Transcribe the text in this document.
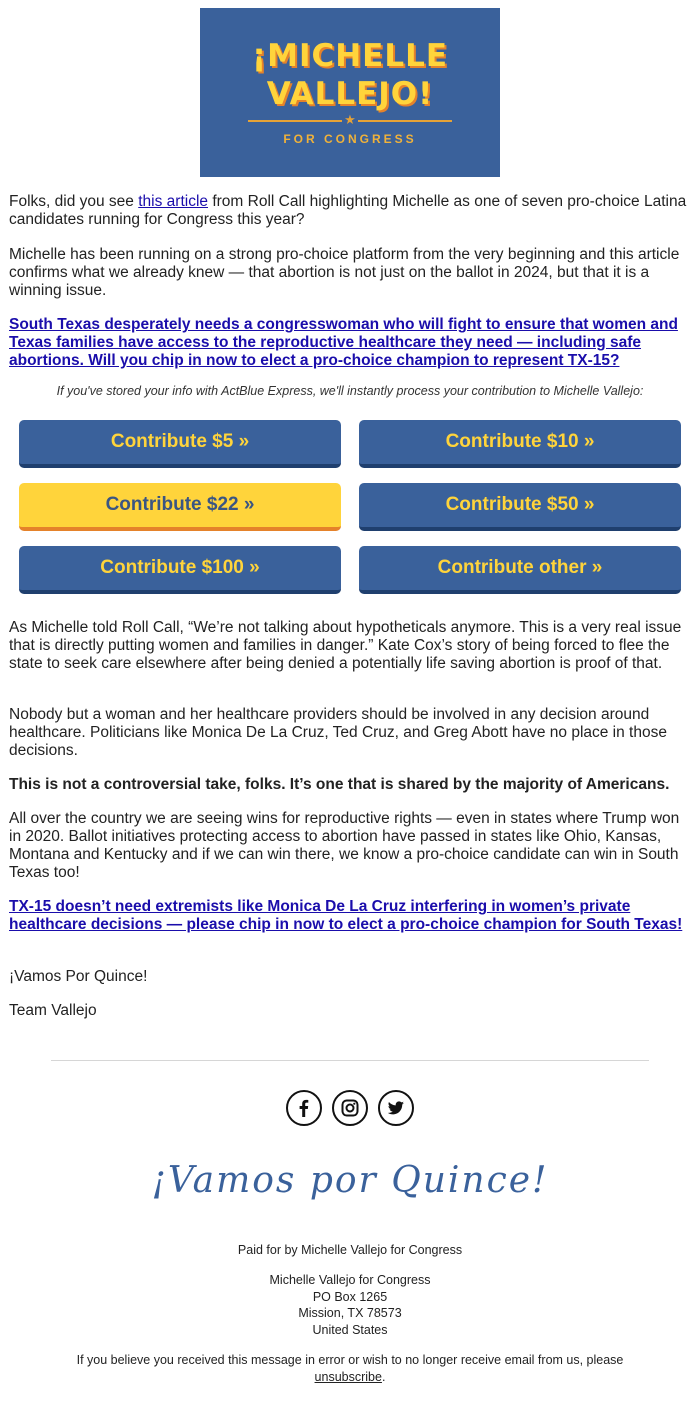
¡MICHELLE
VALLEJO!
★
FOR CONGRESS

Folks, did you see this article from Roll Call highlighting Michelle as one of seven pro-choice Latina candidates running for Congress this year?

Michelle has been running on a strong pro-choice platform from the very beginning and this article confirms what we already knew — that abortion is not just on the ballot in 2024, but that it is a winning issue.

South Texas desperately needs a congresswoman who will fight to ensure that women and Texas families have access to the reproductive healthcare they need — including safe abortions. Will you chip in now to elect a pro-choice champion to represent TX-15?

If you've stored your info with ActBlue Express, we'll instantly process your contribution to Michelle Vallejo:
Contribute $5 »	Contribute $10 »
Contribute $22 »	Contribute $50 »
Contribute $100 »	Contribute other »

As Michelle told Roll Call, “We’re not talking about hypotheticals anymore. This is a very real issue that is directly putting women and families in danger.” Kate Cox’s story of being forced to flee the state to seek care elsewhere after being denied a potentially life saving abortion is proof of that.

Nobody but a woman and her healthcare providers should be involved in any decision around healthcare. Politicians like Monica De La Cruz, Ted Cruz, and Greg Abott have no place in those decisions.

This is not a controversial take, folks. It’s one that is shared by the majority of Americans.

All over the country we are seeing wins for reproductive rights — even in states where Trump won in 2020. Ballot initiatives protecting access to abortion have passed in states like Ohio, Kansas, Montana and Kentucky and if we can win there, we know a pro-choice candidate can win in South Texas too!

TX-15 doesn’t need extremists like Monica De La Cruz interfering in women’s private healthcare decisions — please chip in now to elect a pro-choice champion for South Texas!

¡Vamos Por Quince!

Team Vallejo

¡Vamos por Quince!
Paid for by Michelle Vallejo for Congress
Michelle Vallejo for Congress
PO Box 1265
Mission, TX 78573
United States
If you believe you received this message in error or wish to no longer receive email from us, please unsubscribe.
